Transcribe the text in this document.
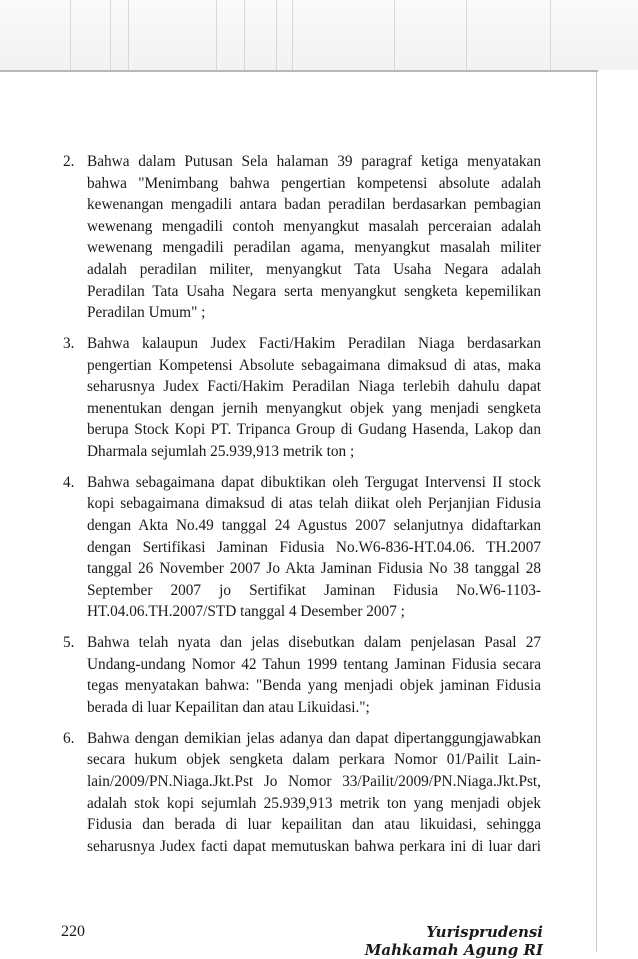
2. Bahwa dalam Putusan Sela halaman 39 paragraf ketiga menyatakan
bahwa "Menimbang bahwa pengertian kompetensi absolute adalah
kewenangan mengadili antara badan peradilan berdasarkan pembagian
wewenang mengadili contoh menyangkut masalah perceraian adalah
wewenang mengadili peradilan agama, menyangkut masalah militer
adalah peradilan militer, menyangkut Tata Usaha Negara adalah
Peradilan Tata Usaha Negara serta menyangkut sengketa kepemilikan
Peradilan Umum" ;
3. Bahwa kalaupun Judex Facti/Hakim Peradilan Niaga berdasarkan
pengertian Kompetensi Absolute sebagaimana dimaksud di atas, maka
seharusnya Judex Facti/Hakim Peradilan Niaga terlebih dahulu dapat
menentukan dengan jernih menyangkut objek yang menjadi sengketa
berupa Stock Kopi PT. Tripanca Group di Gudang Hasenda, Lakop dan
Dharmala sejumlah 25.939,913 metrik ton ;
4. Bahwa sebagaimana dapat dibuktikan oleh Tergugat Intervensi II stock
kopi sebagaimana dimaksud di atas telah diikat oleh Perjanjian Fidusia
dengan Akta No.49 tanggal 24 Agustus 2007 selanjutnya didaftarkan
dengan Sertifikasi Jaminan Fidusia No.W6-836-HT.04.06. TH.2007
tanggal 26 November 2007 Jo Akta Jaminan Fidusia No 38 tanggal 28
September 2007 jo Sertifikat Jaminan Fidusia No.W6-1103-
HT.04.06.TH.2007/STD tanggal 4 Desember 2007 ;
5. Bahwa telah nyata dan jelas disebutkan dalam penjelasan Pasal 27
Undang-undang Nomor 42 Tahun 1999 tentang Jaminan Fidusia secara
tegas menyatakan bahwa: "Benda yang menjadi objek jaminan Fidusia
berada di luar Kepailitan dan atau Likuidasi.";
6. Bahwa dengan demikian jelas adanya dan dapat dipertanggungjawabkan
secara hukum objek sengketa dalam perkara Nomor 01/Pailit Lain-
lain/2009/PN.Niaga.Jkt.Pst Jo Nomor 33/Pailit/2009/PN.Niaga.Jkt.Pst,
adalah stok kopi sejumlah 25.939,913 metrik ton yang menjadi objek
Fidusia dan berada di luar kepailitan dan atau likuidasi, sehingga
seharusnya Judex facti dapat memutuskan bahwa perkara ini di luar dari
220	Yurisprudensi Mahkamah Agung RI
